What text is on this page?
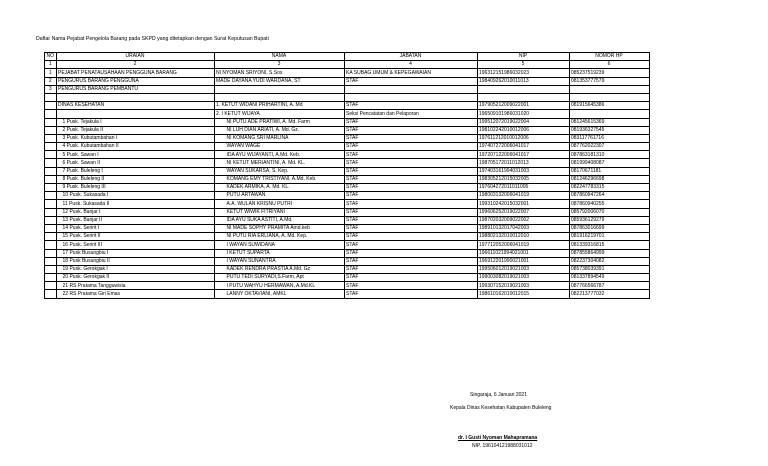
Daftar Nama Pejabat Pengelola Barang pada SKPD yang ditetapkan dengan Surat Keputusan Bupati
NO	URAIAN	NAMA	JABATAN	NIP	NOMOR HP
1	2	3	4	5	6
1	PEJABAT PENATAUSAHAAN PENGGUNA BARANG	NI NYOMAN SRIYONI, S.Sos	KA SUBAG UMUM & KEPEGAWAIAN	196312151986032023	085237519239
2	PENGURUS BARANG PENGGUNA	MADE DAYANA YUDI WARDANA, ST	STAF	198409262010011013	081353777579
3	PENGURUS BARANG PEMBANTU				

	DINAS KESEHATAN	1. KETUT WIDANI PRIHARTINI, A. Md	STAF	197905212009022001	081915645386
		2. I KETUT WIJAYA	Seksi Pencatatan dan Pelaporan	196509101986031020	
	1 Pusk. Tejakula I	NI PUTU ADE PRATIWI, A. Md. Farm	STAF	199512072019022004	081245615369
	2 Pusk. Tejakula II	NI LUH DIAN ARIATI, A. Md. Gz.	STAF	198102242010012006	081936327545
	3 Pusk. Kubutambahan I	NI KOMANG SRI MARLINA	STAF	197611212010012006	083117761716
	4 Pusk. Kubutambahan II	WAYAN WAGE	STAF	197407272006041017	087762022307
	5 Pusk. Sawan I	IDA AYU WIJAYANTI, A.Md. Keb.	STAF	197207122006041017	087863181310
	6 Pusk. Sawan II	NI KETUT MERIANTINI, A. Md. KL.	STAF	198705172011012013	081999408087
	7 Pusk. Buleleng I	WAYAN SUKARSA, S. Kep.	STAF	197403161994031003	08170671181
	8 Pusk. Buleleng II	KOMANG EMY TRISTIYANI, A.Md. Keb.	STAF	198305212015032005	081246296698
	9 Pusk. Buleleng III	KADEK ARMIKA, A. Md. KL.	STAF	197604272011011005	082247783315
	10 Pusk. Sukasada I	PUTU ARTAWAN	STAF	198003132006041019	087860947264
	11 Pusk. Sukasada II	A.A. WULAN KRISNU PUTRI	STAF	199310242015032001	087860940255
	12 Pusk. Banjar I	KETUT WIWIK FITRIYANI	STAF	199606252019022007	085792006070
	13 Pusk. Banjar II	IDA AYU SUKA ASTITI, A.Md.	STAF	198702032009022002	085936129279
	14 Pusk. Seririt I	NI MADE SOPHY PRAMITA Amd.keb	STAF	198910132017042003	087863016699
	15 Pusk. Seririt II	NI PUTU RIA ERLIANA, A. Md. Kep.	STAF	198802132010012010	081916219701
	16 Pusk. Seririt III	I WAYAN SUWIDANA	STAF	197712052006041019	081339316815
	17 Pusk Busungbiu I	I KETUT SUPARTA	STAF	196611021994021001	087855864999
	18 Pusk Busungbiu II	I WAYAN SUNANTRA	STAF	196912201990021001	082237304082
	19 Pusk. Gerokgak I	KADEK RENDRA PRASTIA A.Md. Gz	STAF	199506012019021003	085738039391
	20 Pusk. Gerokgak II	PUTU TEDI SURYADI,S.Farm, Apt	STAF	199003082019021003	081337894549
	21 RS Pratama Tangguwisia	I PUTU WAHYU HERMAWAN, A.Md.KL	STAF	199307152019021003	087766566787
	22 RS Pratama Giri Emas	LANNY OKTAVIANI, AMKL	STAF	198610162010012015	082213777032
Singaraja, 6 Januari 2021
Kepala Dinas Kesehatan Kabupaten Buleleng
dr. I Gusti Nyoman Mahapramana
NIP. 196104121988031012
